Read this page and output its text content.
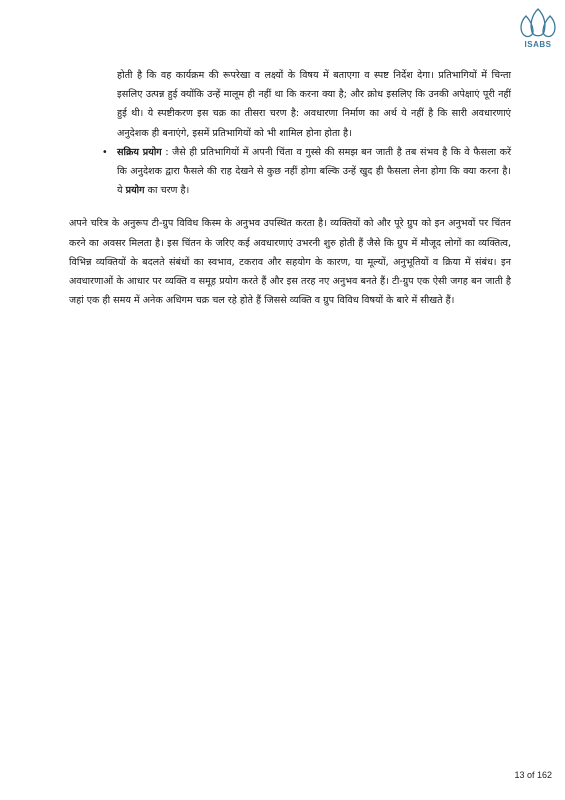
ISABS

होती है कि वह कार्यक्रम की रूपरेखा व लक्ष्यों के विषय में बताएगा व स्पष्ट निर्देश देगा। प्रतिभागियों में चिन्ता इसलिए उत्पन्न हुई क्योंकि उन्हें मालूम ही नहीं था कि करना क्या है; और क्रोध इसलिए कि उनकी अपेक्षाएं पूरी नहीं हुई थी। ये स्पष्टीकरण इस चक्र का तीसरा चरण है: अवधारणा निर्माण का अर्थ ये नहीं है कि सारी अवधारणाएं अनुदेशक ही बनाएंगे, इसमें प्रतिभागियों को भी शामिल होना होता है।

• सक्रिय प्रयोग : जैसे ही प्रतिभागियों में अपनी चिंता व गुस्से की समझ बन जाती है तब संभव है कि वे फैसला करें कि अनुदेशक द्वारा फैसले की राह देखने से कुछ नहीं होगा बल्कि उन्हें खुद ही फैसला लेना होगा कि क्या करना है। ये प्रयोग का चरण है।

अपने चरित्र के अनुरूप टी-ग्रुप विविध किस्म के अनुभव उपस्थित करता है। व्यक्तियों को और पूरे ग्रुप को इन अनुभवों पर चिंतन करने का अवसर मिलता है। इस चिंतन के जरिए कई अवधारणाएं उभरनी शुरु होती हैं जैसे कि ग्रुप में मौजूद लोगों का व्यक्तित्व, विभिन्न व्यक्तियों के बदलते संबंधों का स्वभाव, टकराव और सहयोग के कारण, या मूल्यों, अनुभूतियों व क्रिया में संबंध। इन अवधारणाओं के आधार पर व्यक्ति व समूह प्रयोग करते हैं और इस तरह नए अनुभव बनते हैं। टी-ग्रुप एक ऐसी जगह बन जाती है जहां एक ही समय में अनेक अधिगम चक्र चल रहे होते हैं जिससे व्यक्ति व ग्रुप विविध विषयों के बारे में सीखते हैं।

13 of 162
